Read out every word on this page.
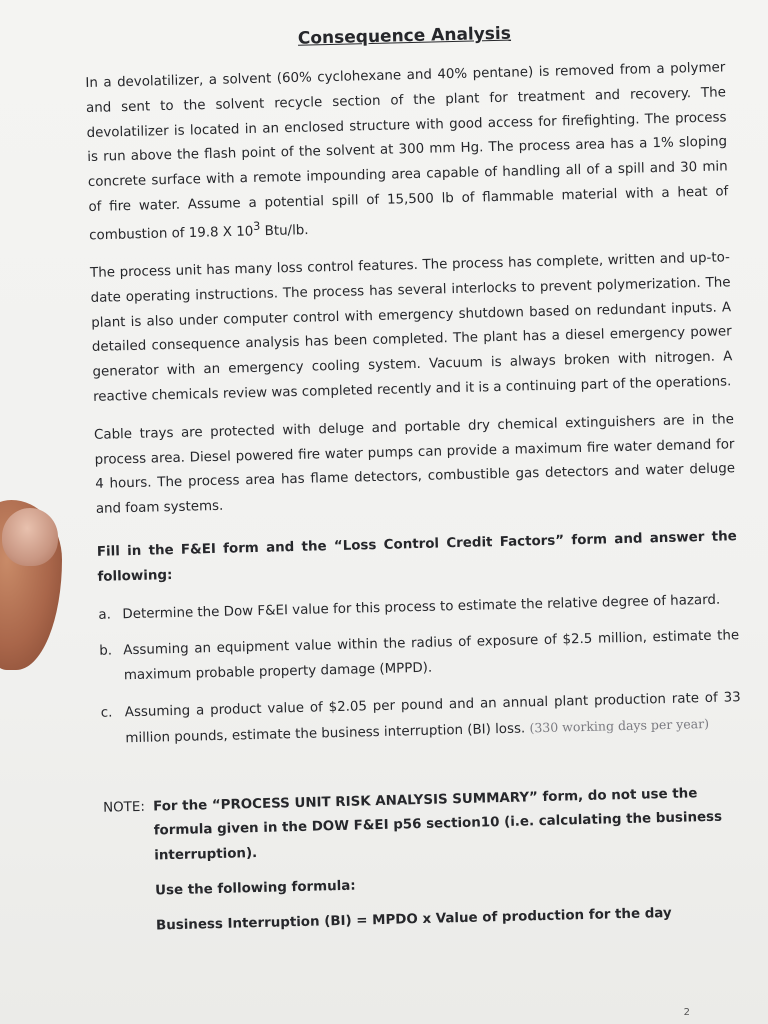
Consequence Analysis

In a devolatilizer, a solvent (60% cyclohexane and 40% pentane) is removed from a polymer and sent to the solvent recycle section of the plant for treatment and recovery. The devolatilizer is located in an enclosed structure with good access for firefighting. The process is run above the flash point of the solvent at 300 mm Hg. The process area has a 1% sloping concrete surface with a remote impounding area capable of handling all of a spill and 30 min of fire water. Assume a potential spill of 15,500 lb of flammable material with a heat of combustion of 19.8 X $10^3$ Btu/lb.

The process unit has many loss control features. The process has complete, written and up-to-date operating instructions. The process has several interlocks to prevent polymerization. The plant is also under computer control with emergency shutdown based on redundant inputs. A detailed consequence analysis has been completed. The plant has a diesel emergency power generator with an emergency cooling system. Vacuum is always broken with nitrogen. A reactive chemicals review was completed recently and it is a continuing part of the operations.

Cable trays are protected with deluge and portable dry chemical extinguishers are in the process area. Diesel powered fire water pumps can provide a maximum fire water demand for 4 hours. The process area has flame detectors, combustible gas detectors and water deluge and foam systems.

Fill in the F&EI form and the “Loss Control Credit Factors” form and answer the following:

a. Determine the Dow F&EI value for this process to estimate the relative degree of hazard.
b. Assuming an equipment value within the radius of exposure of $2.5 million, estimate the maximum probable property damage (MPPD).
c. Assuming a product value of $2.05 per pound and an annual plant production rate of 33 million pounds, estimate the business interruption (BI) loss. (330 working days per year)
NOTE: For the “PROCESS UNIT RISK ANALYSIS SUMMARY” form, do not use the formula given in the DOW F&EI p56 section10 (i.e. calculating the business interruption).
Use the following formula:
Business Interruption (BI) = MPDO x Value of production for the day
2
